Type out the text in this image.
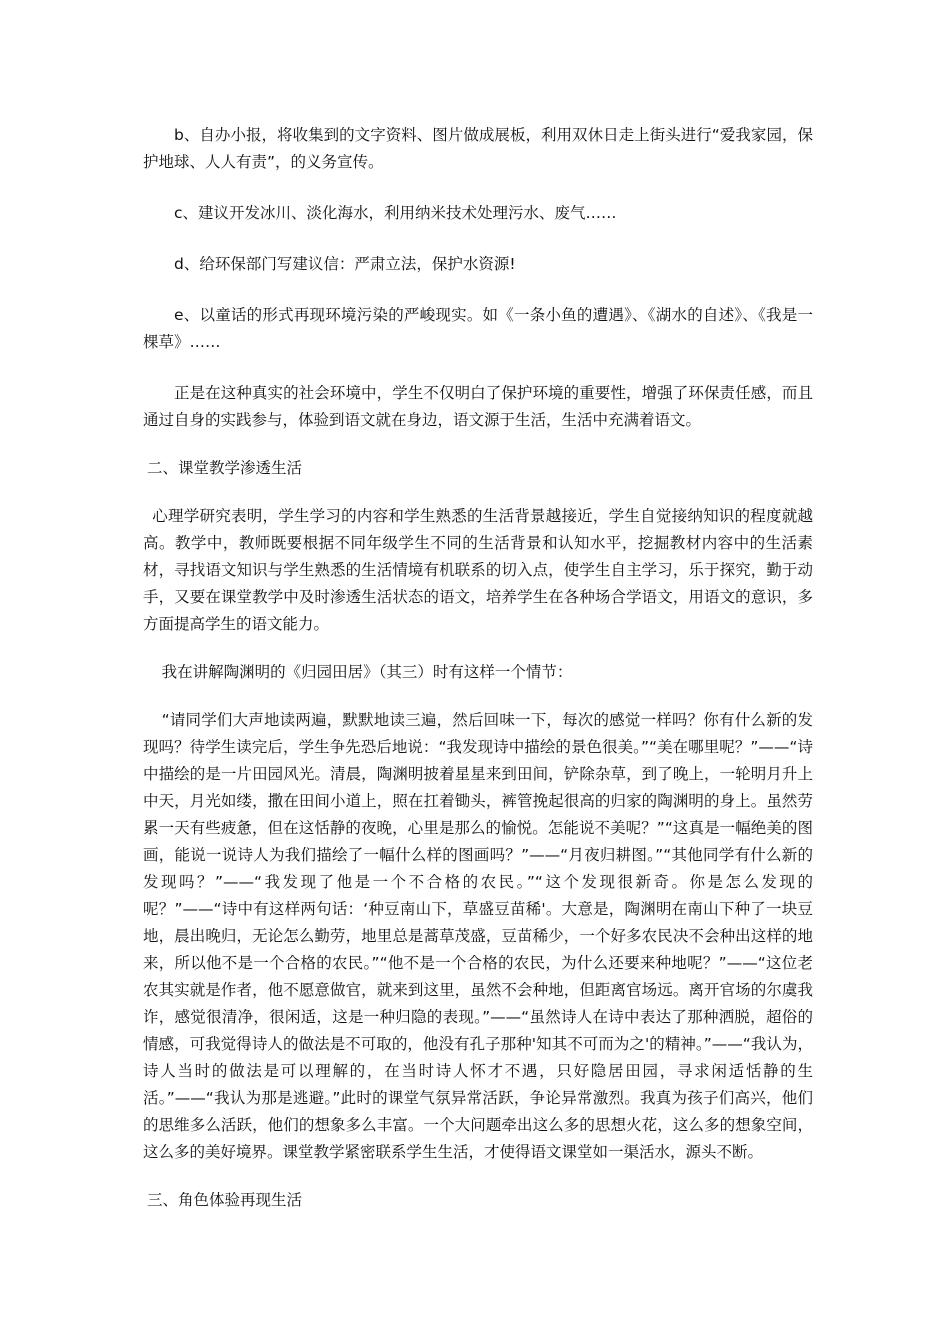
b、自办小报，将收集到的文字资料、图片做成展板，利用双休日走上街头进行“爱我家园，保护地球、人人有责”，的义务宣传。

c、建议开发冰川、淡化海水，利用纳米技术处理污水、废气……

d、给环保部门写建议信：严肃立法，保护水资源!

e、以童话的形式再现环境污染的严峻现实。如《一条小鱼的遭遇》、《湖水的自述》、《我是一棵草》……

正是在这种真实的社会环境中，学生不仅明白了保护环境的重要性，增强了环保责任感，而且通过自身的实践参与，体验到语文就在身边，语文源于生活，生活中充满着语文。

二、课堂教学渗透生活

心理学研究表明，学生学习的内容和学生熟悉的生活背景越接近，学生自觉接纳知识的程度就越高。教学中，教师既要根据不同年级学生不同的生活背景和认知水平，挖掘教材内容中的生活素材，寻找语文知识与学生熟悉的生活情境有机联系的切入点，使学生自主学习，乐于探究，勤于动手，又要在课堂教学中及时渗透生活状态的语文，培养学生在各种场合学语文，用语文的意识，多方面提高学生的语文能力。

我在讲解陶渊明的《归园田居》（其三）时有这样一个情节：

“请同学们大声地读两遍，默默地读三遍，然后回味一下，每次的感觉一样吗？你有什么新的发现吗？待学生读完后，学生争先恐后地说：“我发现诗中描绘的景色很美。”“美在哪里呢？”——“诗中描绘的是一片田园风光。清晨，陶渊明披着星星来到田间，铲除杂草，到了晚上，一轮明月升上中天，月光如缕，撒在田间小道上，照在扛着锄头，裤管挽起很高的归家的陶渊明的身上。虽然劳累一天有些疲惫，但在这恬静的夜晚，心里是那么的愉悦。怎能说不美呢？”“这真是一幅绝美的图画，能说一说诗人为我们描绘了一幅什么样的图画吗？”——“月夜归耕图。”“其他同学有什么新的发现吗？”——“我发现了他是一个不合格的农民。”“这个发现很新奇。你是怎么发现的呢？”——“诗中有这样两句话：‘种豆南山下，草盛豆苗稀'。大意是，陶渊明在南山下种了一块豆地，晨出晚归，无论怎么勤劳，地里总是蒿草茂盛，豆苗稀少，一个好多农民决不会种出这样的地来，所以他不是一个合格的农民。”“他不是一个合格的农民，为什么还要来种地呢？”——“这位老农其实就是作者，他不愿意做官，就来到这里，虽然不会种地，但距离官场远。离开官场的尔虞我诈，感觉很清净，很闲适，这是一种归隐的表现。”——“虽然诗人在诗中表达了那种洒脱，超俗的情感，可我觉得诗人的做法是不可取的，他没有孔子那种'知其不可而为之'的精神。”——“我认为，诗人当时的做法是可以理解的，在当时诗人怀才不遇，只好隐居田园，寻求闲适恬静的生活。”——“我认为那是逃避。”此时的课堂气氛异常活跃，争论异常激烈。我真为孩子们高兴，他们的思维多么活跃，他们的想象多么丰富。一个大问题牵出这么多的思想火花，这么多的想象空间，这么多的美好境界。课堂教学紧密联系学生生活，才使得语文课堂如一渠活水，源头不断。

三、角色体验再现生活
